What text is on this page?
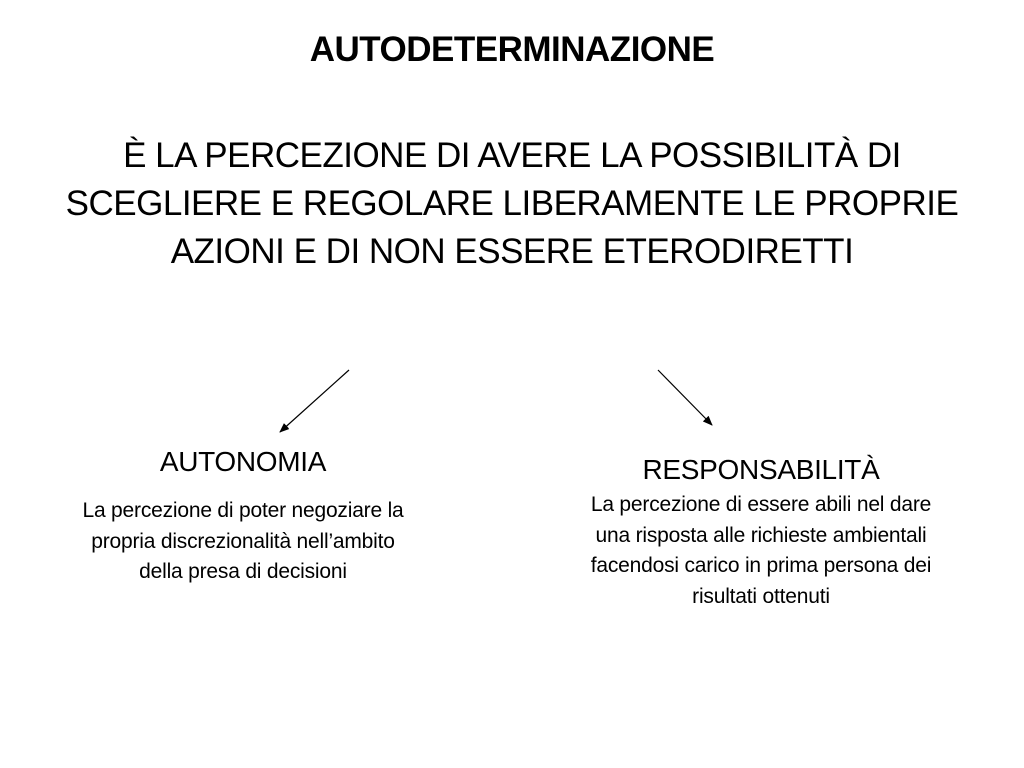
AUTODETERMINAZIONE
È LA PERCEZIONE DI AVERE LA POSSIBILITÀ DI SCEGLIERE E REGOLARE LIBERAMENTE LE PROPRIE AZIONI E DI NON ESSERE ETERODIRETTI
AUTONOMIA
La percezione di poter negoziare la propria discrezionalità nell’ambito della presa di decisioni
RESPONSABILITÀ
La percezione di essere abili nel dare una risposta alle richieste ambientali facendosi carico in prima persona dei risultati ottenuti
